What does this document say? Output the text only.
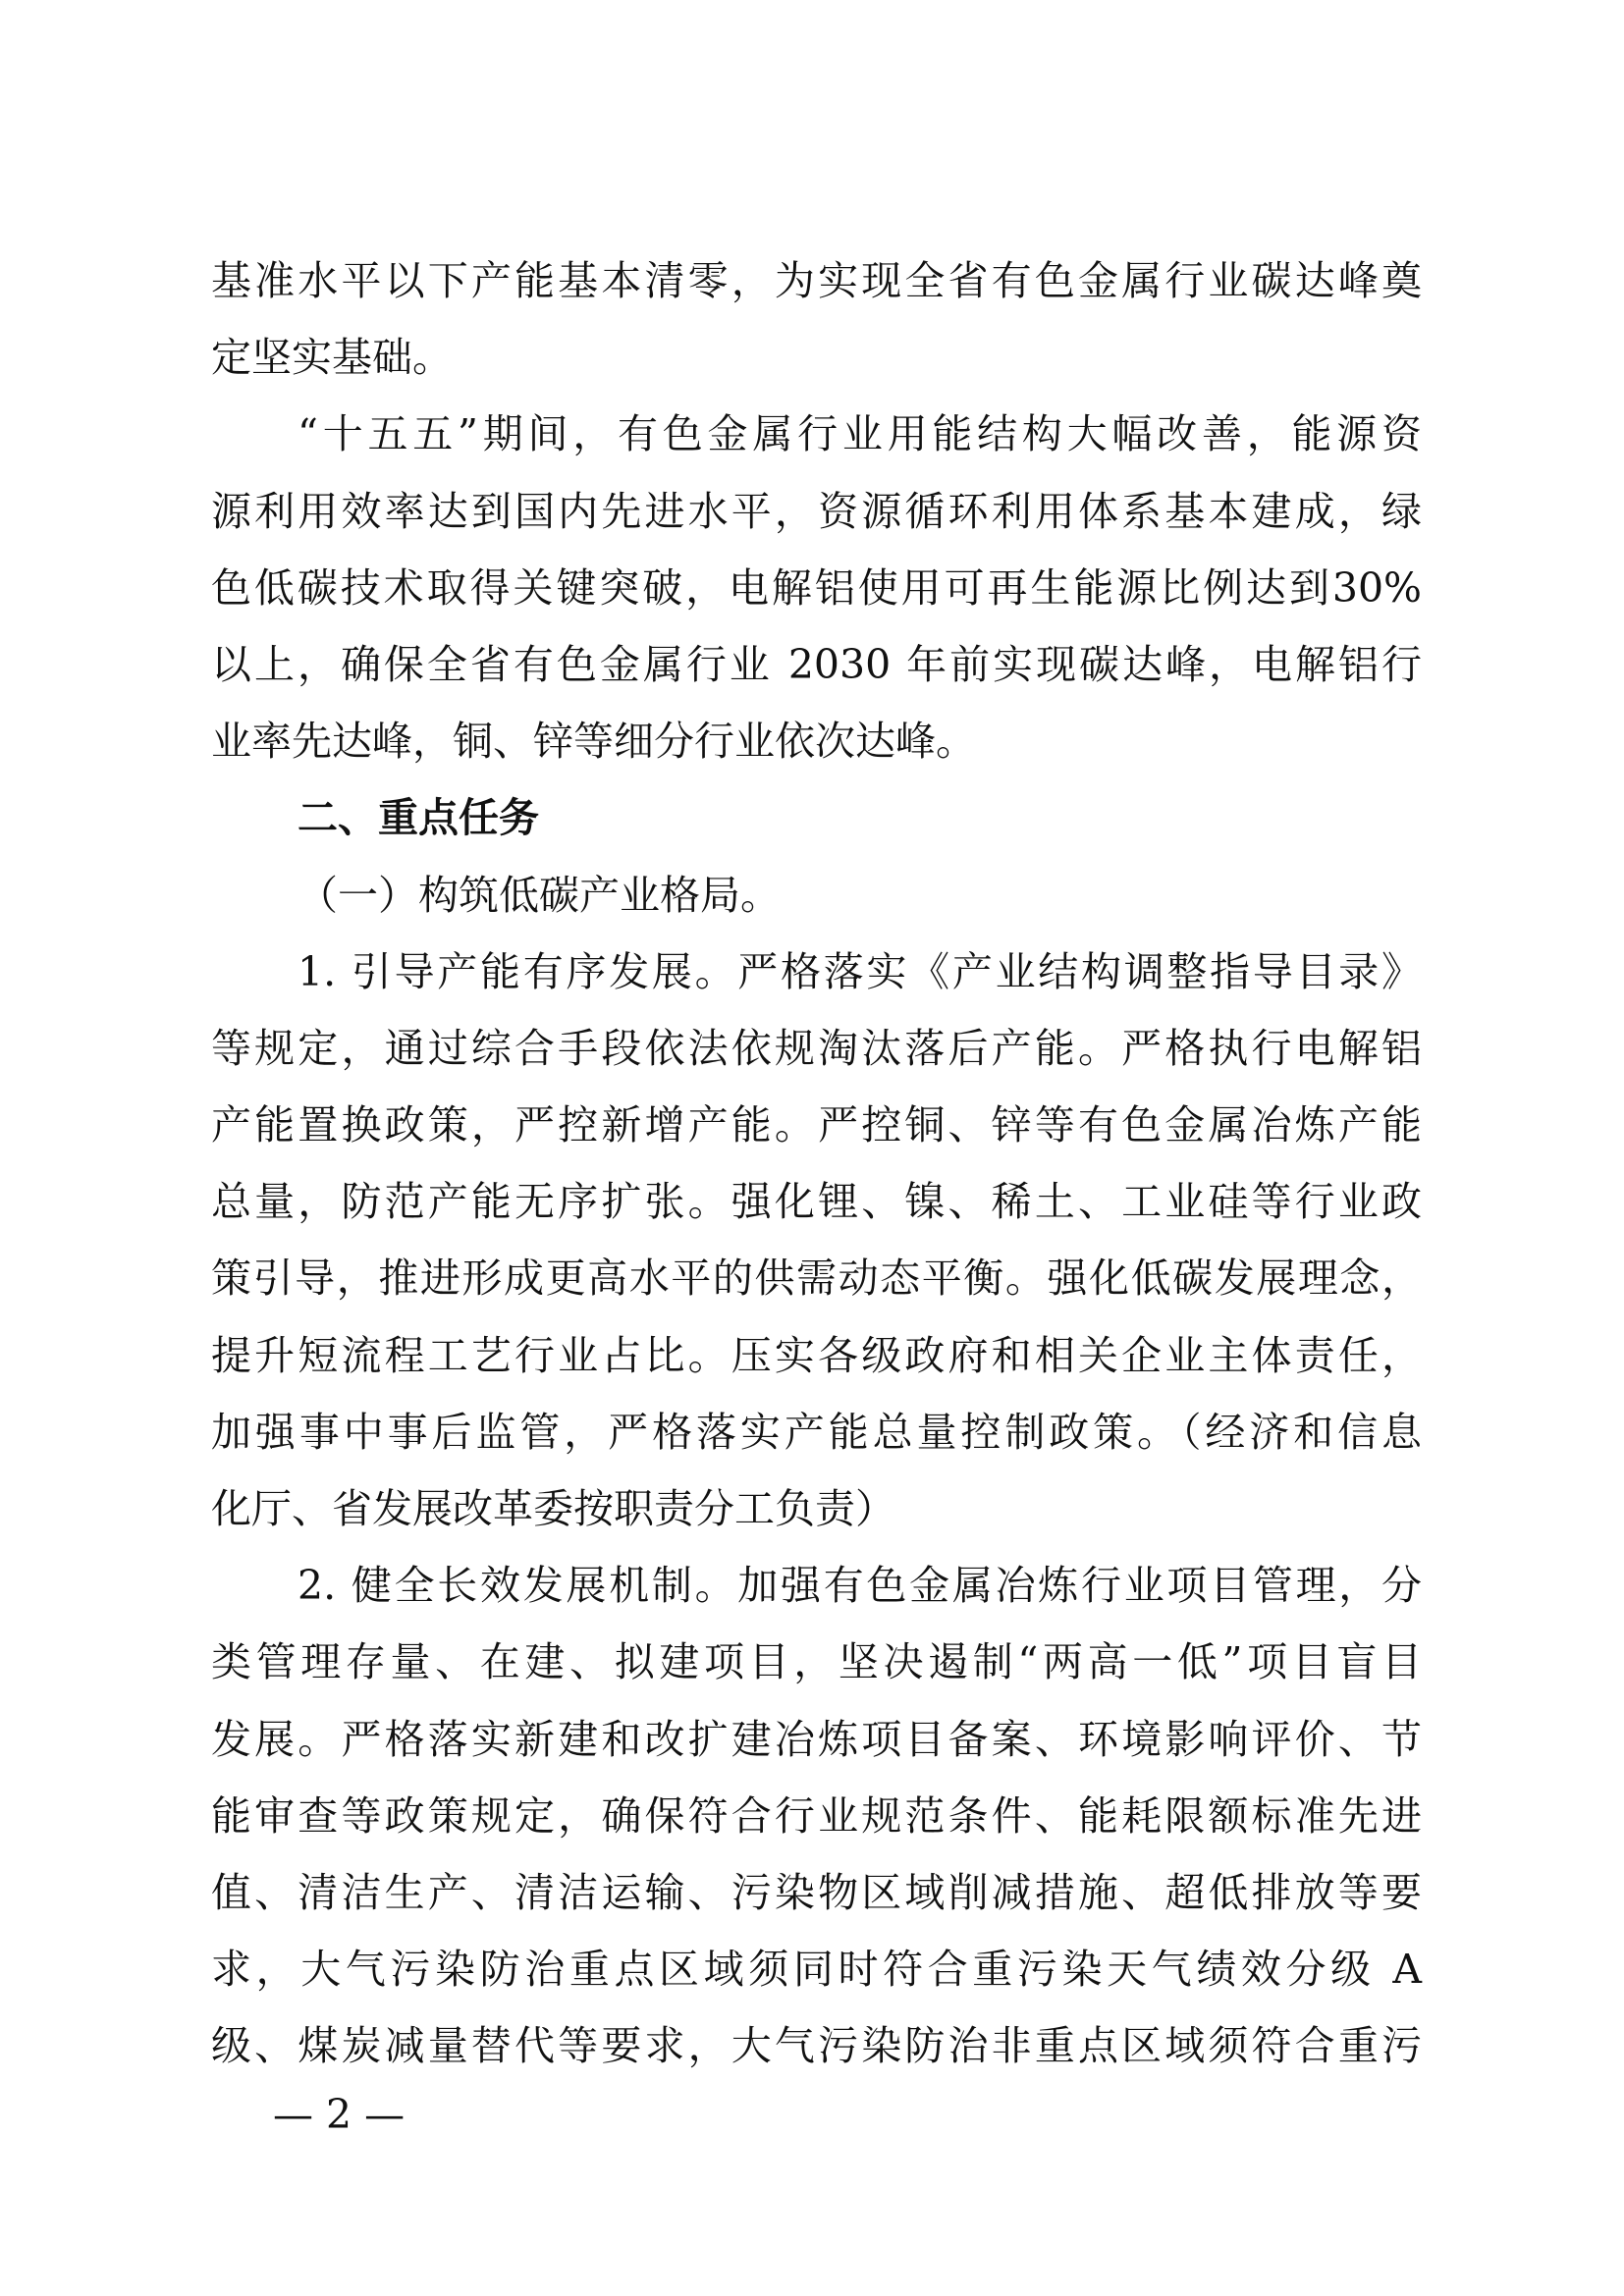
基准水平以下产能基本清零，为实现全省有色金属行业碳达峰奠
定坚实基础。
“十五五”期间，有色金属行业用能结构大幅改善，能源资
源利用效率达到国内先进水平，资源循环利用体系基本建成，绿
色低碳技术取得关键突破，电解铝使用可再生能源比例达到30%
以上，确保全省有色金属行业 2030 年前实现碳达峰，电解铝行
业率先达峰，铜、锌等细分行业依次达峰。
二、重点任务
（一）构筑低碳产业格局。
1. 引导产能有序发展。严格落实《产业结构调整指导目录》
等规定，通过综合手段依法依规淘汰落后产能。严格执行电解铝
产能置换政策，严控新增产能。严控铜、锌等有色金属冶炼产能
总量，防范产能无序扩张。强化锂、镍、稀土、工业硅等行业政
策引导，推进形成更高水平的供需动态平衡。强化低碳发展理念，
提升短流程工艺行业占比。压实各级政府和相关企业主体责任，
加强事中事后监管，严格落实产能总量控制政策。（经济和信息
化厅、省发展改革委按职责分工负责）
2. 健全长效发展机制。加强有色金属冶炼行业项目管理，分
类管理存量、在建、拟建项目，坚决遏制“两高一低”项目盲目
发展。严格落实新建和改扩建冶炼项目备案、环境影响评价、节
能审查等政策规定，确保符合行业规范条件、能耗限额标准先进
值、清洁生产、清洁运输、污染物区域削减措施、超低排放等要
求，大气污染防治重点区域须同时符合重污染天气绩效分级 A
级、煤炭减量替代等要求，大气污染防治非重点区域须符合重污
— 2 —
